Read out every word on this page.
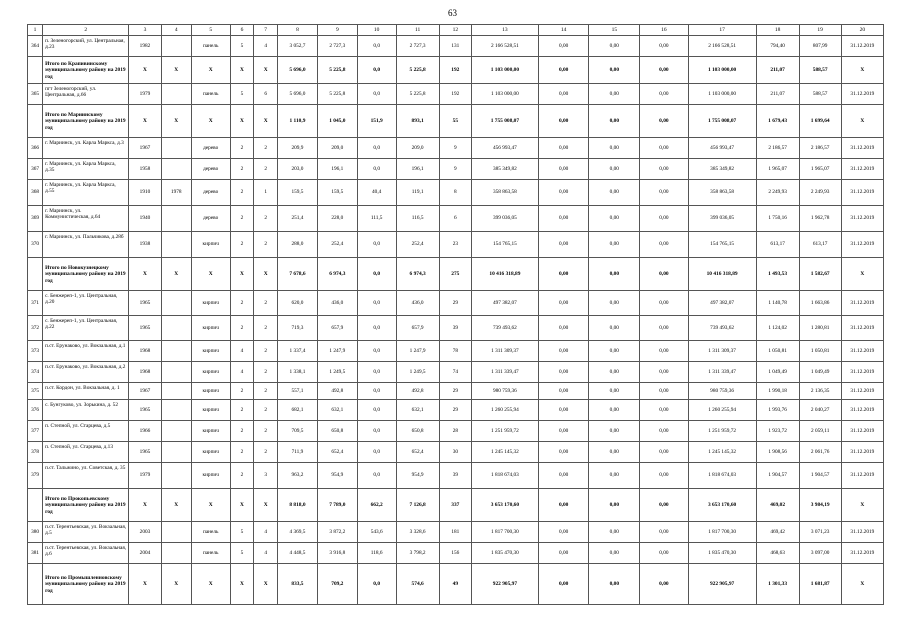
63
1	2	3	4	5	6	7	8	9	10	11	12	13	14	15	16	17	18	19	20
364	п. Зеленогорский, ул. Центральная, д.23	1982		панель	5	4	3 052,7	2 727,3	0,0	2 727,3	131	2 166 528,51	0,00	0,00	0,00	2 166 528,51	794,40	807,99	31.12.2019
	Итого по Крапивинскому муниципальному району на 2019 год	X	X	X	X	X	5 696,0	5 225,8	0,0	5 225,8	192	1 103 000,00	0,00	0,00	0,00	1 103 000,00	211,07	588,57	X
365	пгт Зеленогорский, ул. Центральная, д.66	1979		панель	5	6	5 696,0	5 225,8	0,0	5 225,8	192	1 103 000,00	0,00	0,00	0,00	1 103 000,00	211,07	588,57	31.12.2019
	Итого по Мариинскому муниципальному району на 2019 год	X	X	X	X	X	1 110,9	1 045,0	151,9	893,1	55	1 755 008,07	0,00	0,00	0,00	1 755 008,07	1 679,43	1 699,64	X
366	г. Мариинск, ул. Карла Маркса, д.3	1967		дерево	2	2	209,9	209,0	0,0	209,0	9	456 993,47	0,00	0,00	0,00	456 993,47	2 186,57	2 186,57	31.12.2019
367	г. Мариинск, ул. Карла Маркса, д.35	1958		дерево	2	2	203,0	196,1	0,0	196,1	9	385 349,82	0,00	0,00	0,00	385 349,82	1 965,07	1 965,07	31.12.2019
368	г. Мариинск, ул. Карла Маркса, д.55	1910	1978	дерево	2	1	159,5	159,5	40,4	119,1	8	358 863,58	0,00	0,00	0,00	358 863,58	2 249,93	2 249,93	31.12.2019
369	г. Мариинск, ул. Коммунистическая, д.64	1940		дерево	2	2	251,4	228,0	111,5	116,5	6	399 036,05	0,00	0,00	0,00	399 036,05	1 750,16	1 962,78	31.12.2019
370	г. Мариинск, ул. Пальчикова, д.28б	1938		кирпич	2	2	288,0	252,4	0,0	252,4	23	154 765,15	0,00	0,00	0,00	154 765,15	613,17	613,17	31.12.2019
	Итого по Новокузнецкому муниципальному району на 2019 год	X	X	X	X	X	7 678,6	6 974,3	0,0	6 974,3	275	10 416 318,89	0,00	0,00	0,00	10 416 318,89	1 493,53	1 582,67	X
371	с. Бенжереп-1, ул. Центральная, д.20	1965		кирпич	2	2	620,0	436,0	0,0	436,0	29	497 382,07	0,00	0,00	0,00	497 382,07	1 140,78	1 663,86	31.12.2019
372	с. Бенжереп-1, ул. Центральная, д.22	1965		кирпич	2	2	719,3	657,9	0,0	657,9	39	739 493,62	0,00	0,00	0,00	739 493,62	1 124,02	1 280,81	31.12.2019
373	п.ст. Ерунаково, ул. Вокзальная, д.1	1968		кирпич	4	2	1 337,4	1 247,9	0,0	1 247,9	78	1 311 309,37	0,00	0,00	0,00	1 311 309,37	1 050,81	1 050,81	31.12.2019
374	п.ст. Ерунаково, ул. Вокзальная, д.2	1968		кирпич	4	2	1 338,1	1 249,5	0,0	1 249,5	74	1 311 339,47	0,00	0,00	0,00	1 311 339,47	1 049,49	1 049,49	31.12.2019
375	п.ст. Кордон, ул. Вокзальная, д. 1	1967		кирпич	2	2	557,1	492,8	0,0	492,8	29	980 759,36	0,00	0,00	0,00	980 759,36	1 990,18	2 136,35	31.12.2019
376	с. Бунгуково, ул. Зорькина, д. 52	1965		кирпич	2	2	682,1	632,1	0,0	632,1	29	1 260 255,94	0,00	0,00	0,00	1 260 255,94	1 993,76	2 040,27	31.12.2019
377	п. Степной, ул. Старцева, д.5	1966		кирпич	2	2	709,5	650,8	0,0	650,8	28	1 251 959,72	0,00	0,00	0,00	1 251 959,72	1 923,72	2 059,11	31.12.2019
378	п. Степной, ул. Старцева, д.13	1965		кирпич	2	2	711,9	652,4	0,0	652,4	30	1 245 145,32	0,00	0,00	0,00	1 245 145,32	1 908,56	2 061,76	31.12.2019
379	п.ст. Тальжино, ул. Советская, д. 35	1979		кирпич	2	3	963,2	954,9	0,0	954,9	39	1 818 674,03	0,00	0,00	0,00	1 818 674,03	1 904,57	1 904,57	31.12.2019
	Итого по Прокопьевскому муниципальному району на 2019 год	X	X	X	X	X	8 818,0	7 789,0	662,2	7 126,8	337	3 653 170,60	0,00	0,00	0,00	3 653 170,60	469,02	3 984,19	X
380	п.ст. Терентьевская, ул. Вокзальная, д.5	2003		панель	5	4	4 369,5	3 872,2	543,6	3 328,6	181	1 817 700,30	0,00	0,00	0,00	1 817 700,30	469,42	3 071,23	31.12.2019
381	п.ст. Терентьевская, ул. Вокзальная, д.6	2004		панель	5	4	4 448,5	3 916,8	118,6	3 798,2	156	1 835 470,30	0,00	0,00	0,00	1 835 470,30	468,63	3 097,00	31.12.2019
	Итого по Промышленновскому муниципальному району на 2019 год	X	X	X	X	X	833,5	709,2	0,0	574,6	49	922 905,97	0,00	0,00	0,00	922 905,97	1 301,33	1 681,87	X
